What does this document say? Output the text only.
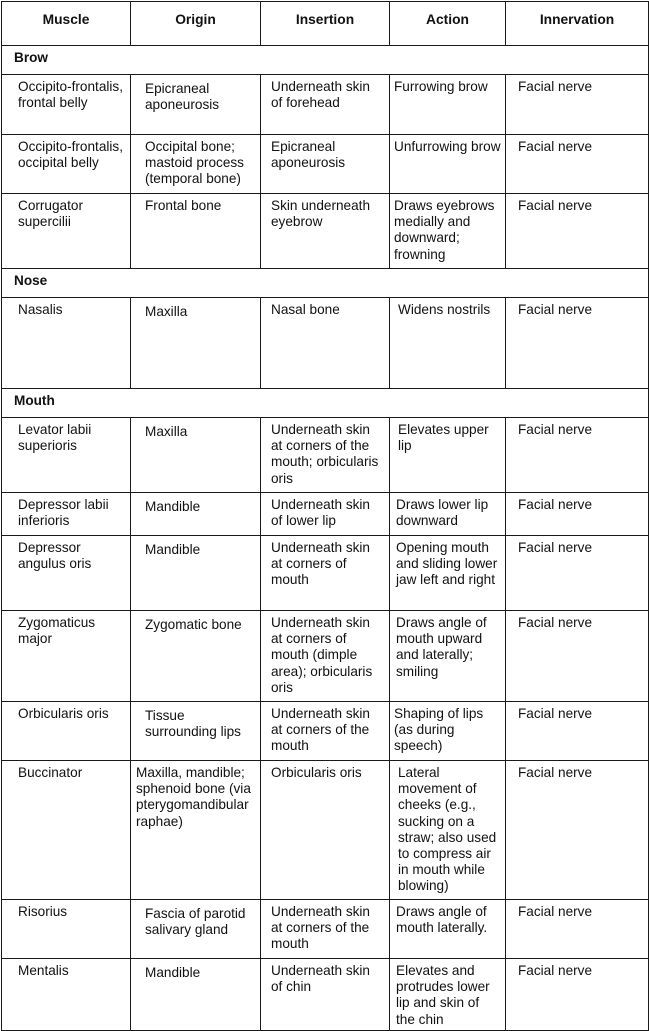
Muscle	Origin	Insertion	Action	Innervation
Brow				
Occipito-frontalis, frontal belly	Epicraneal aponeurosis	Underneath skin of forehead	Furrowing brow	Facial nerve
Occipito-frontalis, occipital belly	Occipital bone; mastoid process (temporal bone)	Epicraneal aponeurosis	Unfurrowing brow	Facial nerve
Corrugator supercilii	Frontal bone	Skin underneath eyebrow	Draws eyebrows medially and downward; frowning	Facial nerve
Nose				
Nasalis	Maxilla	Nasal bone	Widens nostrils	Facial nerve
Mouth				
Levator labii superioris	Maxilla	Underneath skin at corners of the mouth; orbicularis oris	Elevates upper lip	Facial nerve
Depressor labii inferioris	Mandible	Underneath skin of lower lip	Draws lower lip downward	Facial nerve
Depressor angulus oris	Mandible	Underneath skin at corners of mouth	Opening mouth and sliding lower jaw left and right	Facial nerve
Zygomaticus major	Zygomatic bone	Underneath skin at corners of mouth (dimple area); orbicularis oris	Draws angle of mouth upward and laterally; smiling	Facial nerve
Orbicularis oris	Tissue surrounding lips	Underneath skin at corners of the mouth	Shaping of lips (as during speech)	Facial nerve
Buccinator	Maxilla, mandible; sphenoid bone (via pterygomandibular raphae)	Orbicularis oris	Lateral movement of cheeks (e.g., sucking on a straw; also used to compress air in mouth while blowing)	Facial nerve
Risorius	Fascia of parotid salivary gland	Underneath skin at corners of the mouth	Draws angle of mouth laterally.	Facial nerve
Mentalis	Mandible	Underneath skin of chin	Elevates and protrudes lower lip and skin of the chin	Facial nerve
